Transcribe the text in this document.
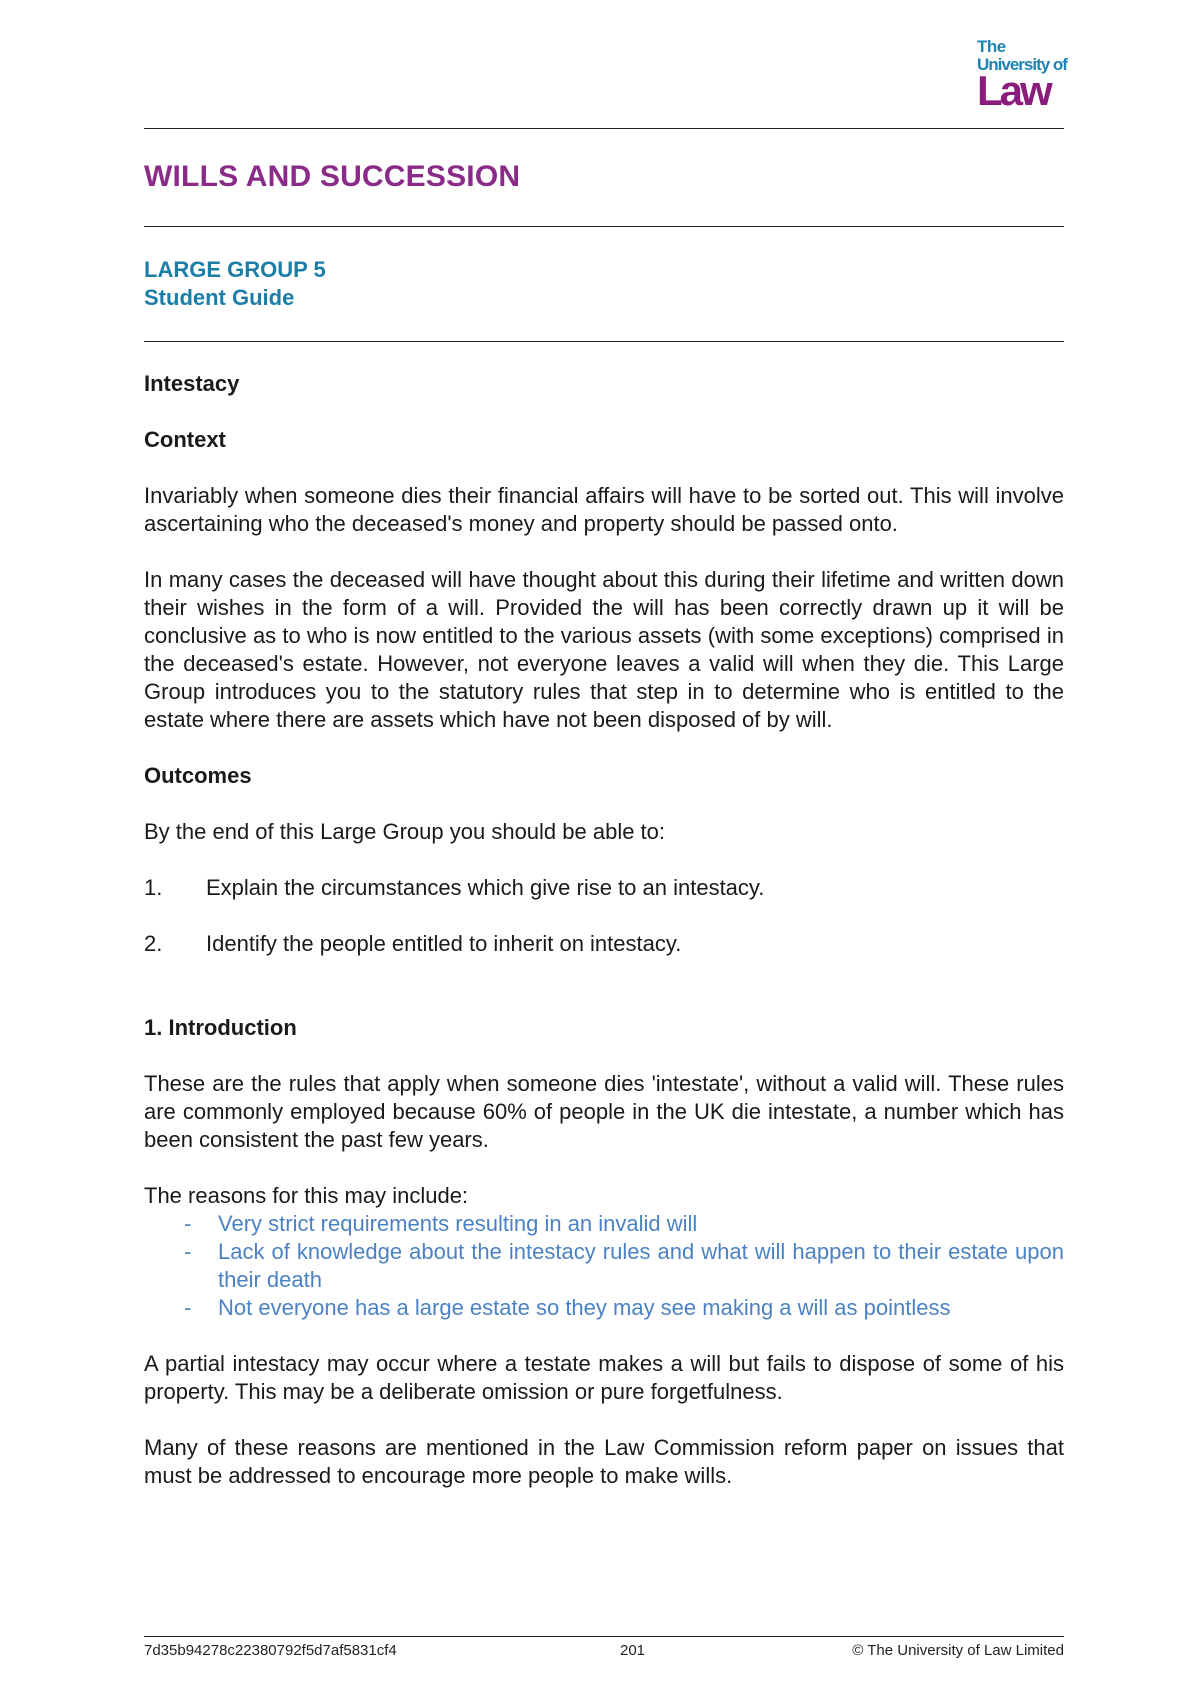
The
University of
Law
WILLS AND SUCCESSION
LARGE GROUP 5
Student Guide

Intestacy

Context

Invariably when someone dies their financial affairs will have to be sorted out. This will involve ascertaining who the deceased's money and property should be passed onto.

In many cases the deceased will have thought about this during their lifetime and written down their wishes in the form of a will. Provided the will has been correctly drawn up it will be conclusive as to who is now entitled to the various assets (with some exceptions) comprised in the deceased's estate. However, not everyone leaves a valid will when they die. This Large Group introduces you to the statutory rules that step in to determine who is entitled to the estate where there are assets which have not been disposed of by will.

Outcomes

By the end of this Large Group you should be able to:

1.	Explain the circumstances which give rise to an intestacy.
2.	Identify the people entitled to inherit on intestacy.

1. Introduction

These are the rules that apply when someone dies 'intestate', without a valid will. These rules are commonly employed because 60% of people in the UK die intestate, a number which has been consistent the past few years.

The reasons for this may include:

-	Very strict requirements resulting in an invalid will
-	Lack of knowledge about the intestacy rules and what will happen to their estate upon their death
-	Not everyone has a large estate so they may see making a will as pointless

A partial intestacy may occur where a testate makes a will but fails to dispose of some of his property. This may be a deliberate omission or pure forgetfulness.

Many of these reasons are mentioned in the Law Commission reform paper on issues that must be addressed to encourage more people to make wills.

7d35b94278c22380792f5d7af5831cf4	201	© The University of Law Limited
